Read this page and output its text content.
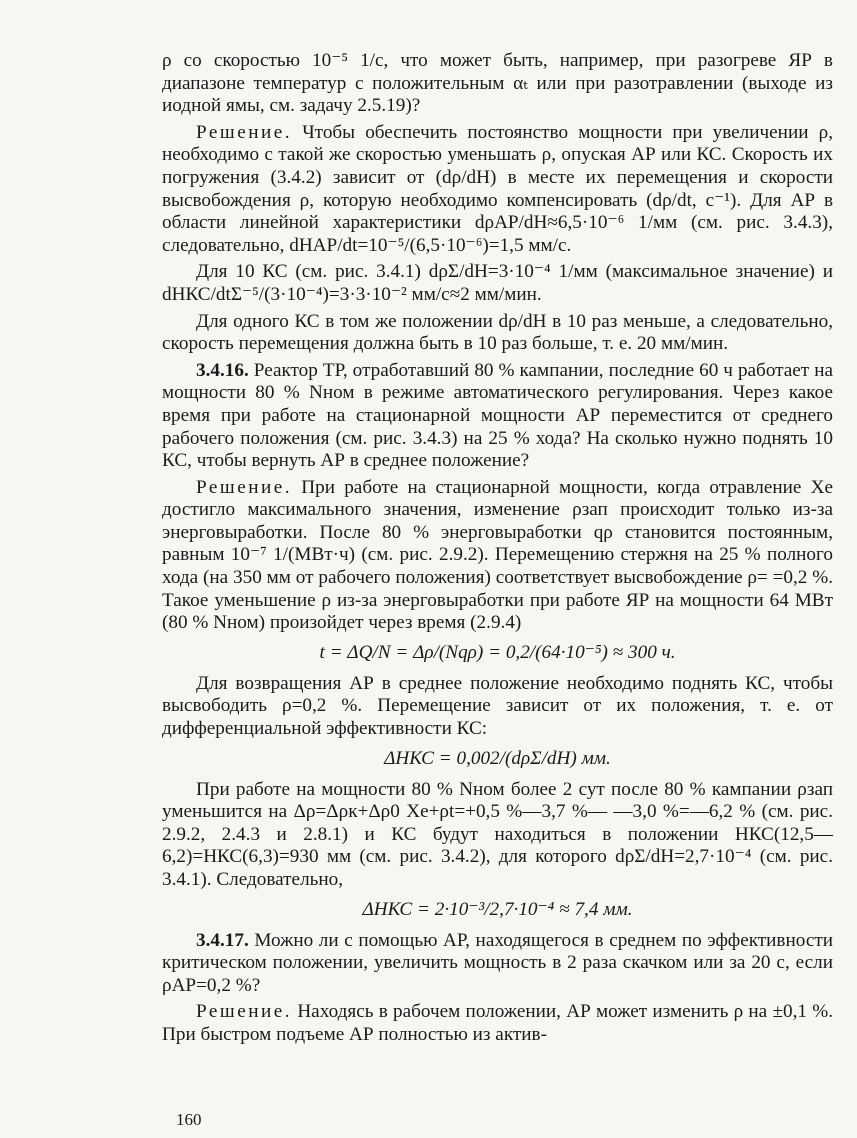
ρ со скоростью 10⁻⁵ 1/с, что может быть, например, при разогреве ЯР в диапазоне температур с положительным αₜ или при разотравлении (выходе из иодной ямы, см. задачу 2.5.19)?

Решение. Чтобы обеспечить постоянство мощности при увеличении ρ, необходимо с такой же скоростью уменьшать ρ, опуская АР или КС. Скорость их погружения (3.4.2) зависит от (dρ/dH) в месте их перемещения и скорости высвобождения ρ, которую необходимо компенсировать (dρ/dt, с⁻¹). Для АР в области линейной характеристики dρАР/dH≈6,5·10⁻⁶ 1/мм (см. рис. 3.4.3), следовательно, dHАР/dt=10⁻⁵/(6,5·10⁻⁶)=1,5 мм/с.

Для 10 КС (см. рис. 3.4.1) dρΣ/dH=3·10⁻⁴ 1/мм (максимальное значение) и dHКС/dtΣ⁻⁵/(3·10⁻⁴)=3·3·10⁻² мм/с≈2 мм/мин.

Для одного КС в том же положении dρ/dH в 10 раз меньше, а следовательно, скорость перемещения должна быть в 10 раз больше, т. е. 20 мм/мин.

3.4.16. Реактор ТР, отработавший 80 % кампании, последние 60 ч работает на мощности 80 % Nном в режиме автоматического регулирования. Через какое время при работе на стационарной мощности АР переместится от среднего рабочего положения (см. рис. 3.4.3) на 25 % хода? На сколько нужно поднять 10 КС, чтобы вернуть АР в среднее положение?

Решение. При работе на стационарной мощности, когда отравление Xe достигло максимального значения, изменение ρзап происходит только из-за энерговыработки. После 80 % энерговыработки qρ становится постоянным, равным 10⁻⁷ 1/(МВт·ч) (см. рис. 2.9.2). Перемещению стержня на 25 % полного хода (на 350 мм от рабочего положения) соответствует высвобождение ρ= =0,2 %. Такое уменьшение ρ из-за энерговыработки при работе ЯР на мощности 64 МВт (80 % Nном) произойдет через время (2.9.4)

t = ΔQ/N = Δρ/(Nqρ) = 0,2/(64·10⁻⁵) ≈ 300 ч.

Для возвращения АР в среднее положение необходимо поднять КС, чтобы высвободить ρ=0,2 %. Перемещение зависит от их положения, т. е. от дифференциальной эффективности КС:

ΔHКС = 0,002/(dρΣ/dH) мм.

При работе на мощности 80 % Nном более 2 сут после 80 % кампании ρзап уменьшится на Δρ=Δρк+Δρ0 Xe+ρt=+0,5 %—3,7 %— —3,0 %=—6,2 % (см. рис. 2.9.2, 2.4.3 и 2.8.1) и КС будут находиться в положении HКС(12,5—6,2)=HКС(6,3)=930 мм (см. рис. 3.4.2), для которого dρΣ/dH=2,7·10⁻⁴ (см. рис. 3.4.1). Следовательно,

ΔHКС = 2·10⁻³/2,7·10⁻⁴ ≈ 7,4 мм.

3.4.17. Можно ли с помощью АР, находящегося в среднем по эффективности критическом положении, увеличить мощность в 2 раза скачком или за 20 с, если ρАР=0,2 %?

Решение. Находясь в рабочем положении, АР может изменить ρ на ±0,1 %. При быстром подъеме АР полностью из актив-

160
